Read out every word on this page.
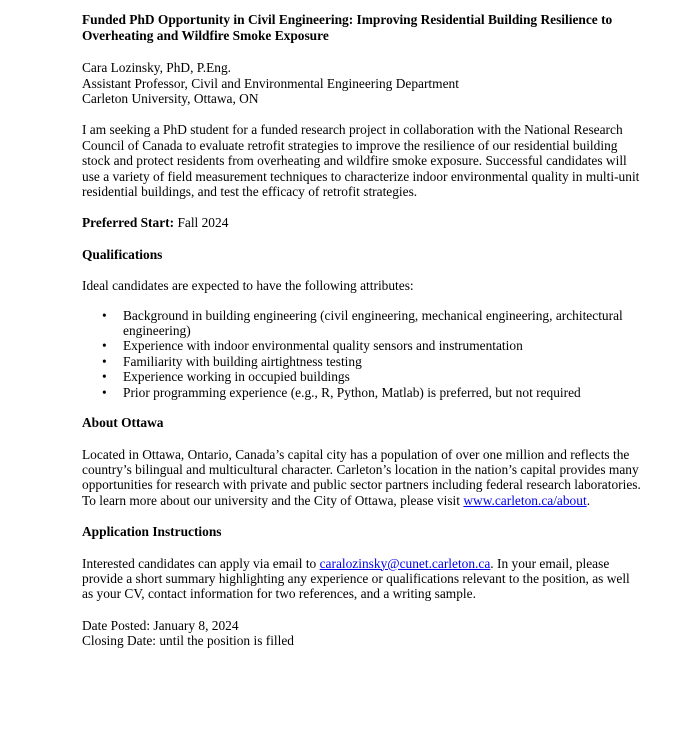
Funded PhD Opportunity in Civil Engineering: Improving Residential Building Resilience to Overheating and Wildfire Smoke Exposure

Cara Lozinsky, PhD, P.Eng.
Assistant Professor, Civil and Environmental Engineering Department
Carleton University, Ottawa, ON

I am seeking a PhD student for a funded research project in collaboration with the National Research Council of Canada to evaluate retrofit strategies to improve the resilience of our residential building stock and protect residents from overheating and wildfire smoke exposure. Successful candidates will use a variety of field measurement techniques to characterize indoor environmental quality in multi-unit residential buildings, and test the efficacy of retrofit strategies.

Preferred Start: Fall 2024

Qualifications

Ideal candidates are expected to have the following attributes:

• Background in building engineering (civil engineering, mechanical engineering, architectural engineering)
• Experience with indoor environmental quality sensors and instrumentation
• Familiarity with building airtightness testing
• Experience working in occupied buildings
• Prior programming experience (e.g., R, Python, Matlab) is preferred, but not required

About Ottawa

Located in Ottawa, Ontario, Canada’s capital city has a population of over one million and reflects the country’s bilingual and multicultural character. Carleton’s location in the nation’s capital provides many opportunities for research with private and public sector partners including federal research laboratories. To learn more about our university and the City of Ottawa, please visit www.carleton.ca/about.

Application Instructions

Interested candidates can apply via email to caralozinsky@cunet.carleton.ca. In your email, please provide a short summary highlighting any experience or qualifications relevant to the position, as well as your CV, contact information for two references, and a writing sample.

Date Posted: January 8, 2024
Closing Date: until the position is filled
